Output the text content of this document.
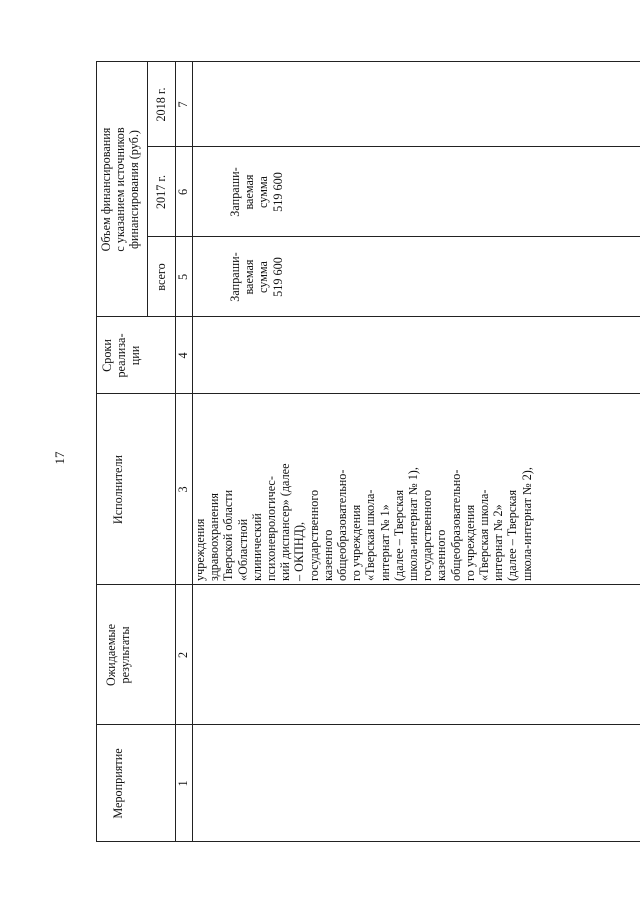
17
Мероприятие
Ожидаемые
результаты
Исполнители
Сроки
реализа-
ции
Объем финансирования
с указанием источников
финансирования (руб.)
всего
2017 г.
2018 г.
1
2
3
4
5
6
7
учреждения
здравоохранения
Тверской области
«Областной
клинический
психоневрологичес-
кий диспансер» (далее
– ОКПНД),
государственного
казенного
общеобразовательно-
го учреждения
«Тверская школа-
интернат № 1»
(далее – Тверская
школа-интернат № 1),
государственного
казенного
общеобразовательно-
го учреждения
«Тверская школа-
интернат № 2»
(далее – Тверская
школа-интернат № 2),
Запраши-
ваемая
сумма
519 600
Запраши-
ваемая
сумма
519 600
